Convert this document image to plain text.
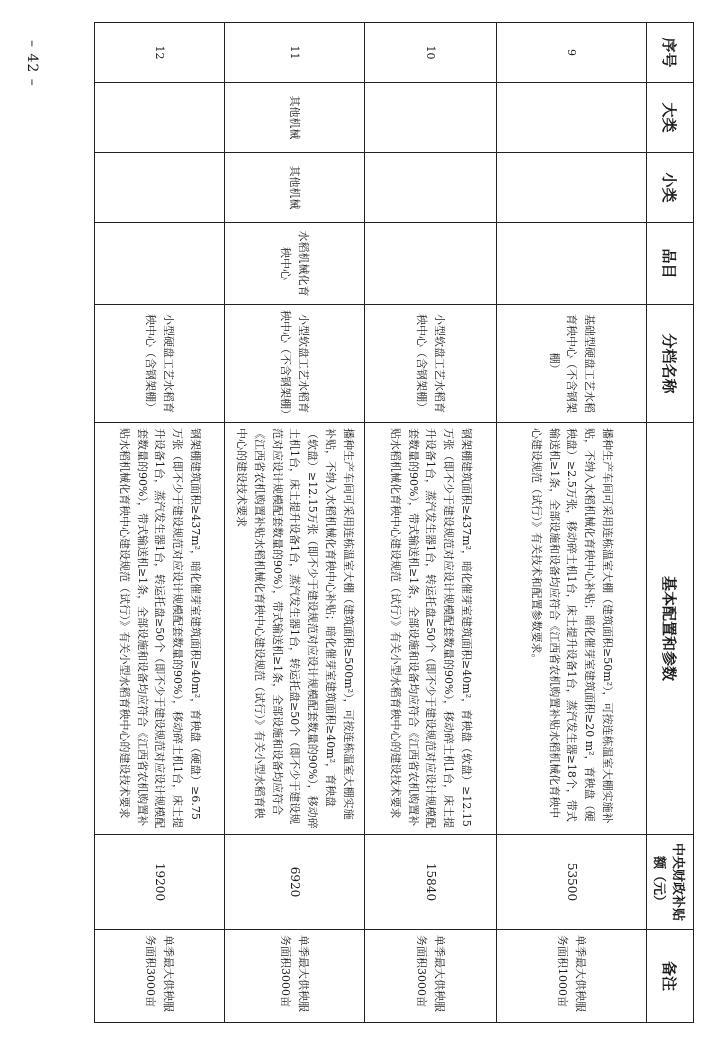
– 42 –	序号	大类	小类	品目	分档名称	基本配置和参数	中央财政补贴额（元）	备注
9				基础型硬盘工艺水稻育秧中心（不含钢架棚）	播种生产车间可采用连栋温室大棚（建筑面积≥50m²），可按连栋温室大棚实施补贴，不纳入水稻机械化育秧中心补贴；暗化催芽室建筑面积≥20 m²，育秧盘（硬秧盘）≥2.5万张，移动碎土机1台，床土提升设备1台，蒸汽发生器≥18个，带式输送机≥1条，全部设施和设备均应符合《江西省农机购置补贴水稻机械化育秧中心建设规范（试行）》有关技术和配置参数要求。	53500	单季最大供秧服务面积1000亩
10				小型软盘工艺水稻育秧中心（含钢架棚）	钢架棚建筑面积≥437m²，暗化催芽室建筑面积≥40m²，育秧盘（软盘）≥12.15万张（即不少于建设规范对应设计规模配套数量的90%），移动碎土机1台，床土提升设备1台，蒸汽发生器1台，转运托盘≥50个（即不少于建设规范对应设计规模配套数量的90%），带式输送机≥1条，全部设施和设备均应符合《江西省农机购置补贴水稻机械化育秧中心建设规范（试行）》有关小型水稻育秧中心的建设技术要求	15840	单季最大供秧服务面积3000亩
11	其他机械	其他机械	水稻机械化育秧中心	小型软盘工艺水稻育秧中心（不含钢架棚）	播种生产车间可采用连栋温室大棚（建筑面积≥500m²），可按连栋温室大棚实施补贴，不纳入水稻机械化育秧中心补贴；暗化催芽室建筑面积≥40m²，育秧盘（软盘）≥12.15万张（即不少于建设规范对应设计规模配套数量的90%），移动碎土机1台，床土提升设备1台，蒸汽发生器1台，转运托盘≥50个（即不少于建设规范对应设计规模配套数量的90%），带式输送机≥1条，全部设施和设备均应符合《江西省农机购置补贴水稻机械化育秧中心建设规范（试行）》有关小型水稻育秧中心的建设技术要求	6920	单季最大供秧服务面积3000亩
12				小型硬盘工艺水稻育秧中心（含钢架棚）	钢架棚建筑面积≥437m²，暗化催芽室建筑面积≥40m²，育秧盘（硬盘）≥6.75万张（即不少于建设规范对应设计规模配套数量的90%），移动碎土机1台，床土提升设备1台，蒸汽发生器1台，转运托盘≥50个（即不少于建设规范对应设计规模配套数量的90%），带式输送机≥1条，全部设施和设备均应符合《江西省农机购置补贴水稻机械化育秧中心建设规范（试行）》有关小型水稻育秧中心的建设技术要求	19200	单季最大供秧服务面积3000亩
